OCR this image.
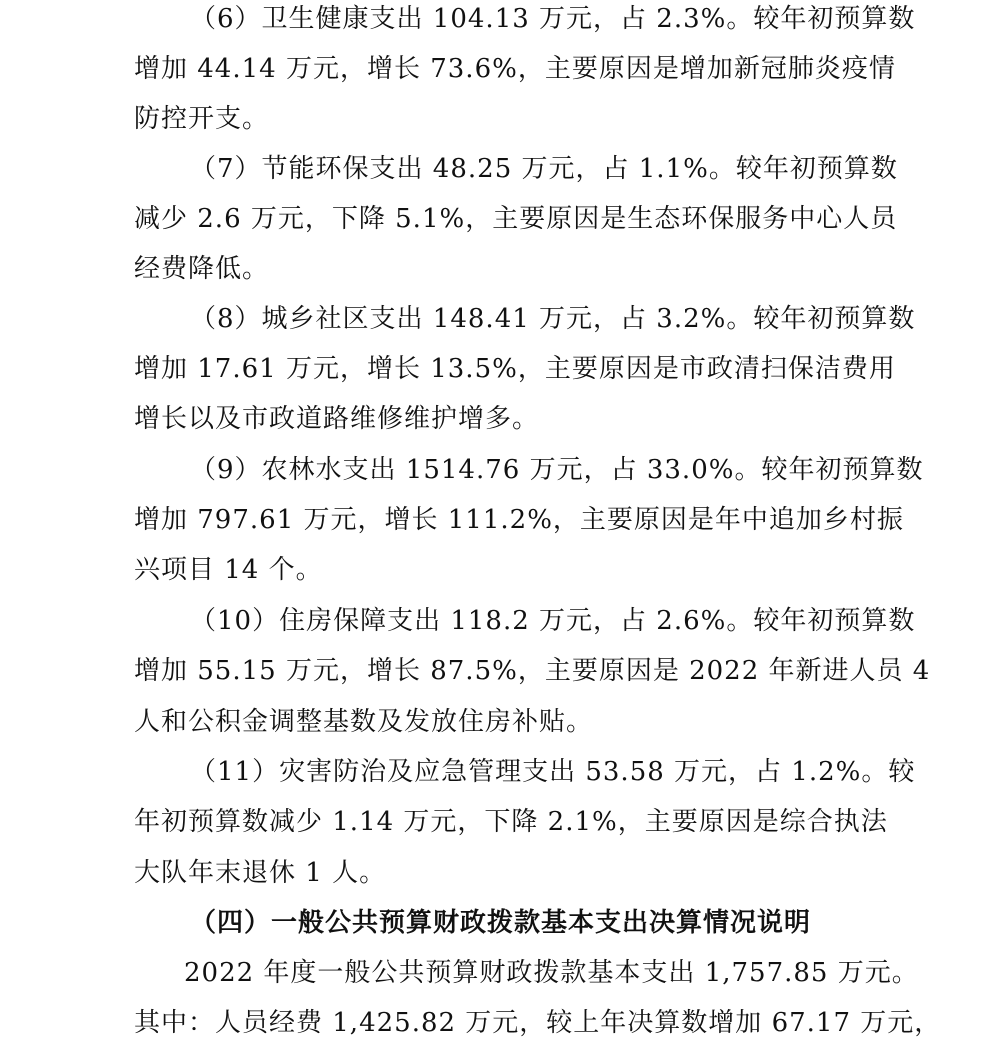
（6）卫生健康支出 104.13 万元，占 2.3%。较年初预算数
增加 44.14 万元，增长 73.6%，主要原因是增加新冠肺炎疫情
防控开支。
（7）节能环保支出 48.25 万元，占 1.1%。较年初预算数
减少 2.6 万元，下降 5.1%，主要原因是生态环保服务中心人员
经费降低。
（8）城乡社区支出 148.41 万元，占 3.2%。较年初预算数
增加 17.61 万元，增长 13.5%，主要原因是市政清扫保洁费用
增长以及市政道路维修维护增多。
（9）农林水支出 1514.76 万元，占 33.0%。较年初预算数
增加 797.61 万元，增长 111.2%，主要原因是年中追加乡村振
兴项目 14 个。
（10）住房保障支出 118.2 万元，占 2.6%。较年初预算数
增加 55.15 万元，增长 87.5%，主要原因是 2022 年新进人员 4
人和公积金调整基数及发放住房补贴。
（11）灾害防治及应急管理支出 53.58 万元，占 1.2%。较
年初预算数减少 1.14 万元，下降 2.1%，主要原因是综合执法
大队年末退休 1 人。
（四）一般公共预算财政拨款基本支出决算情况说明
2022 年度一般公共预算财政拨款基本支出 1,757.85 万元。
其中：人员经费 1,425.82 万元，较上年决算数增加 67.17 万元，
